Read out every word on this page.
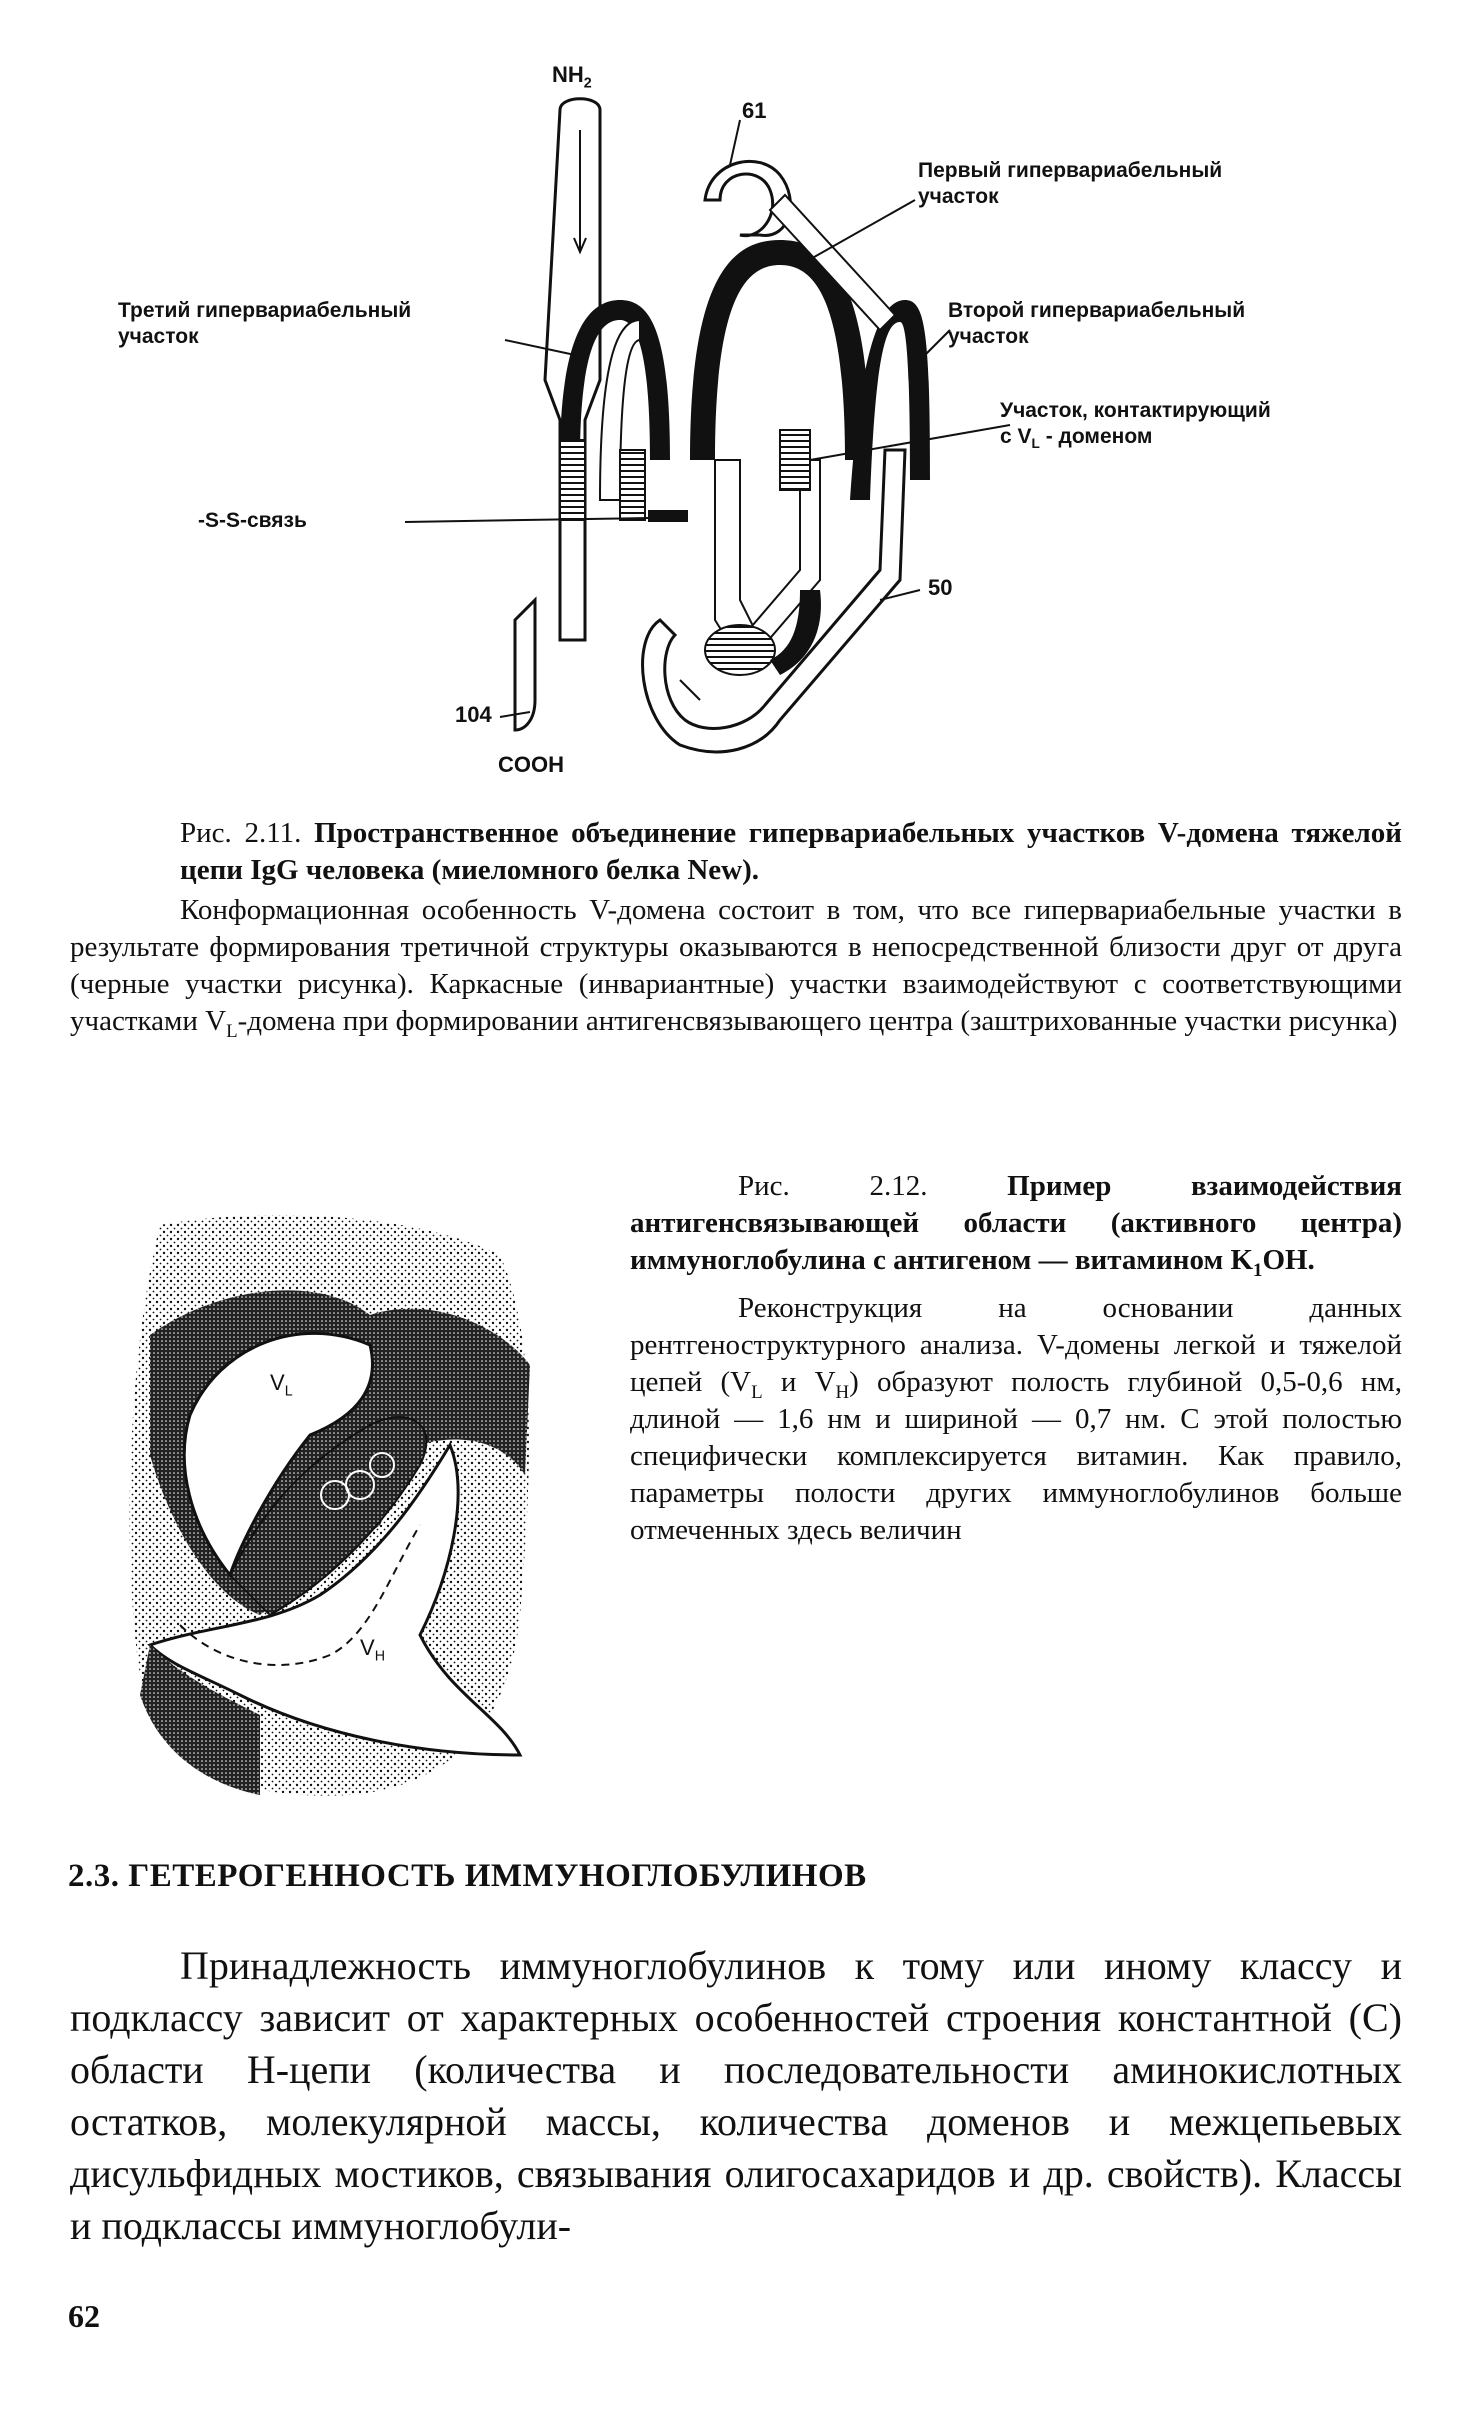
$NH_2$
61
Первый гипервариабельный
участок
Третий гипервариабельный
участок
Второй гипервариабельный
участок
Участок, контактирующий
с $V_L$ - доменом
-S-S-связь
50
104
COOH
Рис. 2.11. Пространственное объединение гипервариабельных участков V-домена тяжелой цепи IgG человека (миеломного белка New).
Конформационная особенность V-домена состоит в том, что все гипервариабельные участки в результате формирования третичной структуры оказываются в непосредственной близости друг от друга (черные участки рисунка). Каркасные (инвариантные) участки взаимодействуют с соответствующими участками $V_L$-домена при формировании антигенсвязывающего центра (заштрихованные участки рисунка)
$V_L$
$V_H$
Рис. 2.12.	Пример взаимодействия антигенсвязывающей области (активного центра) иммуноглобулина с антигеном — витамином $K_1OH$.
Реконструкция на основании данных рентгеноструктурного анализа. V-домены легкой и тяжелой цепей ($V_L$ и $V_H$) образуют полость глубиной 0,5-0,6 нм, длиной — 1,6 нм и шириной — 0,7 нм. С этой полостью специфически комплексируется витамин. Как правило, параметры полости других иммуноглобулинов больше отмеченных здесь величин
2.3. ГЕТЕРОГЕННОСТЬ ИММУНОГЛОБУЛИНОВ
Принадлежность иммуноглобулинов к тому или иному классу и подклассу зависит от характерных особенностей строения константной (С) области Н-цепи (количества и последовательности аминокислотных остатков, молекулярной массы, количества доменов и межцепьевых дисульфидных мостиков, связывания олигосахаридов и др. свойств). Классы и подклассы иммуноглобули-
62
